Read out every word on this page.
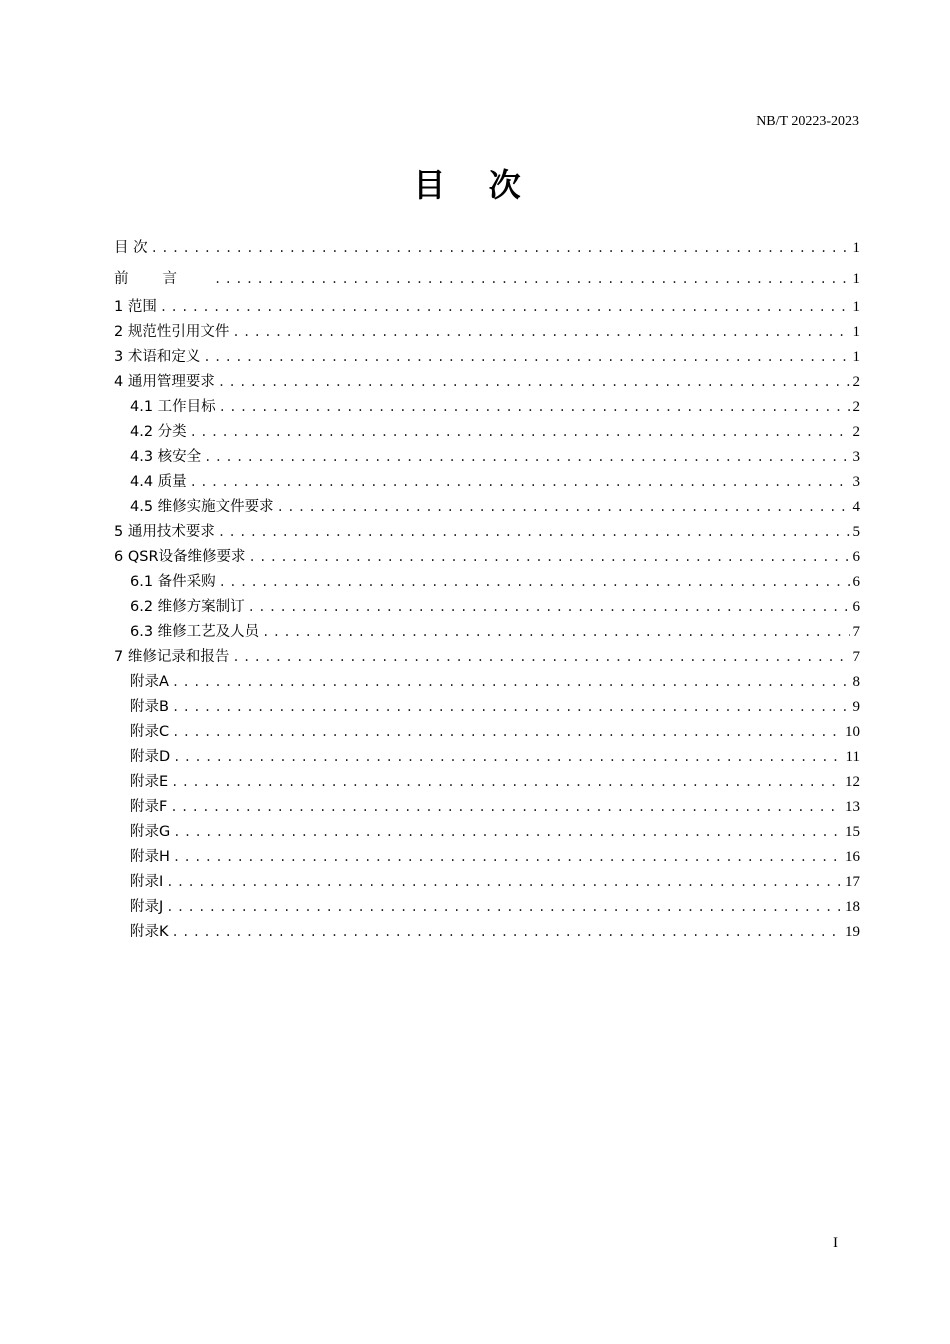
NB/T 20223-2023
目 次
目 次 .....	1
前言 .....	1
1 范围 .....	1
2 规范性引用文件 .....	1
3 术语和定义 .....	1
4 通用管理要求 .....	2
4.1 工作目标 .....	2
4.2 分类 .....	2
4.3 核安全 .....	3
4.4 质量 .....	3
4.5 维修实施文件要求 .....	4
5 通用技术要求 .....	5
6 QSR设备维修要求 .....	6
6.1 备件采购 .....	6
6.2 维修方案制订 .....	6
6.3 维修工艺及人员 .....	7
7 维修记录和报告 .....	7
附录A .....	8
附录B .....	9
附录C .....	10
附录D .....	11
附录E .....	12
附录F .....	13
附录G .....	15
附录H .....	16
附录I .....	17
附录J .....	18
附录K .....	19
I
